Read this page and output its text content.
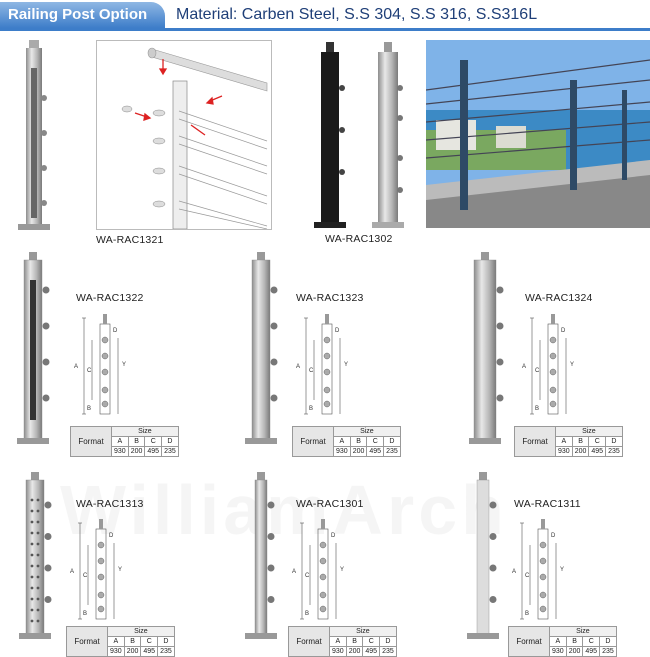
Railing Post Option	Material: Carben Steel, S.S 304, S.S 316, S.S316L
WA-RAC1321	WA-RAC1302
WA-RAC1322
A
C
B
D
Y
Format	Size			
	A	B	C	D
	930	200	495	235
WA-RAC1323
A
C
B
D
Y
Format	Size			
	A	B	C	D
	930	200	495	235
WA-RAC1324
A
C
B
D
Y
Format	Size			
	A	B	C	D
	930	200	495	235
WA-RAC1313
A
C
B
D
Y
Format	Size			
	A	B	C	D
	930	200	495	235
WA-RAC1301
A
C
B
D
Y
Format	Size			
	A	B	C	D
	930	200	495	235
WA-RAC1311
A
C
B
D
Y
Format	Size			
	A	B	C	D
	930	200	495	235
